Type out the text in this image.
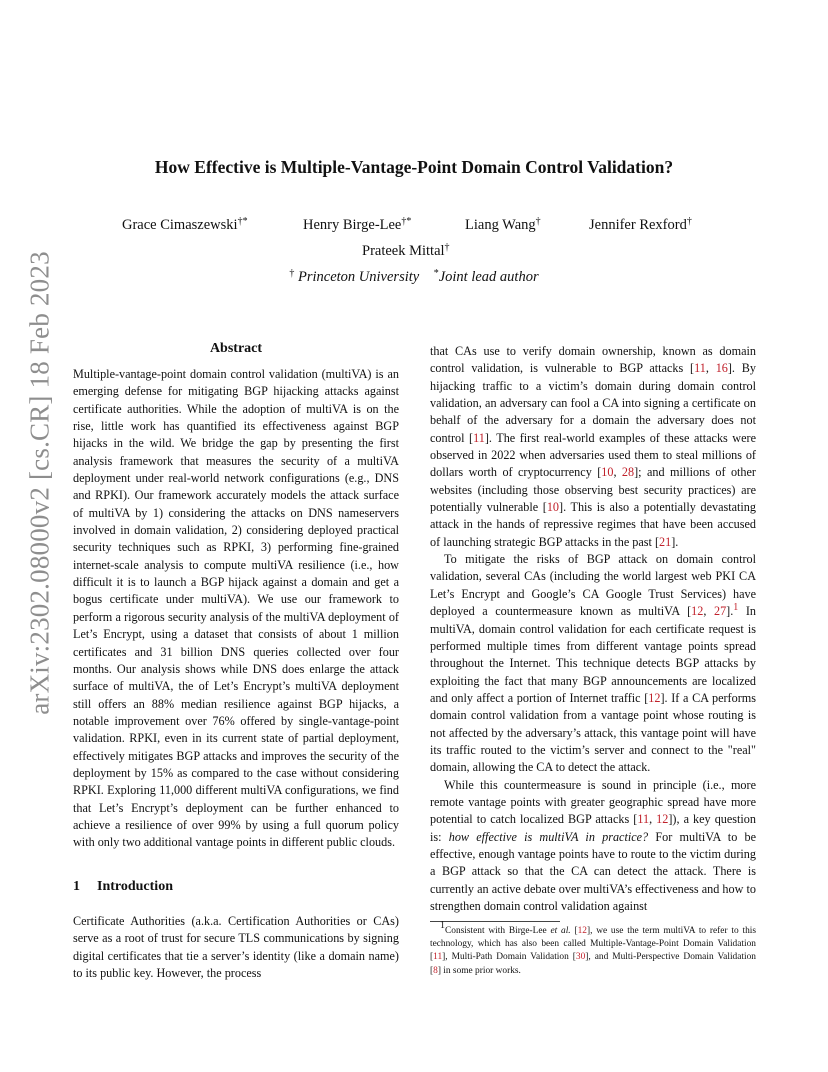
arXiv:2302.08000v2 [cs.CR] 18 Feb 2023
How Effective is Multiple-Vantage-Point Domain Control Validation?
Grace Cimaszewski†*	Henry Birge-Lee†*	Liang Wang†	Jennifer Rexford†
Prateek Mittal†
† Princeton University *Joint lead author
Abstract

Multiple-vantage-point domain control validation (multiVA) is an emerging defense for mitigating BGP hijacking attacks against certificate authorities. While the adoption of multiVA is on the rise, little work has quantified its effectiveness against BGP hijacks in the wild. We bridge the gap by presenting the first analysis framework that measures the security of a multiVA deployment under real-world network configurations (e.g., DNS and RPKI). Our framework accurately models the attack surface of multiVA by 1) considering the attacks on DNS nameservers involved in domain validation, 2) considering deployed practical security techniques such as RPKI, 3) performing fine-grained internet-scale analysis to compute multiVA resilience (i.e., how difficult it is to launch a BGP hijack against a domain and get a bogus certificate under multiVA). We use our framework to perform a rigorous security analysis of the multiVA deployment of Let’s Encrypt, using a dataset that consists of about 1 million certificates and 31 billion DNS queries collected over four months. Our analysis shows while DNS does enlarge the attack surface of multiVA, the of Let’s Encrypt’s multiVA deployment still offers an 88% median resilience against BGP hijacks, a notable improvement over 76% offered by single-vantage-point validation. RPKI, even in its current state of partial deployment, effectively mitigates BGP attacks and improves the security of the deployment by 15% as compared to the case without considering RPKI. Exploring 11,000 different multiVA configurations, we find that Let’s Encrypt’s deployment can be further enhanced to achieve a resilience of over 99% by using a full quorum policy with only two additional vantage points in different public clouds.

1 Introduction

Certificate Authorities (a.k.a. Certification Authorities or CAs) serve as a root of trust for secure TLS communications by signing digital certificates that tie a server’s identity (like a domain name) to its public key. However, the process

that CAs use to verify domain ownership, known as domain control validation, is vulnerable to BGP attacks [11, 16]. By hijacking traffic to a victim’s domain during domain control validation, an adversary can fool a CA into signing a certificate on behalf of the adversary for a domain the adversary does not control [11]. The first real-world examples of these attacks were observed in 2022 when adversaries used them to steal millions of dollars worth of cryptocurrency [10, 28]; and millions of other websites (including those observing best security practices) are potentially vulnerable [10]. This is also a potentially devastating attack in the hands of repressive regimes that have been accused of launching strategic BGP attacks in the past [21].

To mitigate the risks of BGP attack on domain control validation, several CAs (including the world largest web PKI CA Let’s Encrypt and Google’s CA Google Trust Services) have deployed a countermeasure known as multiVA [12, 27].$^1$ In multiVA, domain control validation for each certificate request is performed multiple times from different vantage points spread throughout the Internet. This technique detects BGP attacks by exploiting the fact that many BGP announcements are localized and only affect a portion of Internet traffic [12]. If a CA performs domain control validation from a vantage point whose routing is not affected by the adversary’s attack, this vantage point will have its traffic routed to the victim’s server and connect to the "real" domain, allowing the CA to detect the attack.

While this countermeasure is sound in principle (i.e., more remote vantage points with greater geographic spread have more potential to catch localized BGP attacks [11, 12]), a key question is: how effective is multiVA in practice? For multiVA to be effective, enough vantage points have to route to the victim during a BGP attack so that the CA can detect the attack. There is currently an active debate over multiVA’s effectiveness and how to strengthen domain control validation against

$^1$Consistent with Birge-Lee et al. [12], we use the term multiVA to refer to this technology, which has also been called Multiple-Vantage-Point Domain Validation [11], Multi-Path Domain Validation [30], and Multi-Perspective Domain Validation [8] in some prior works.
